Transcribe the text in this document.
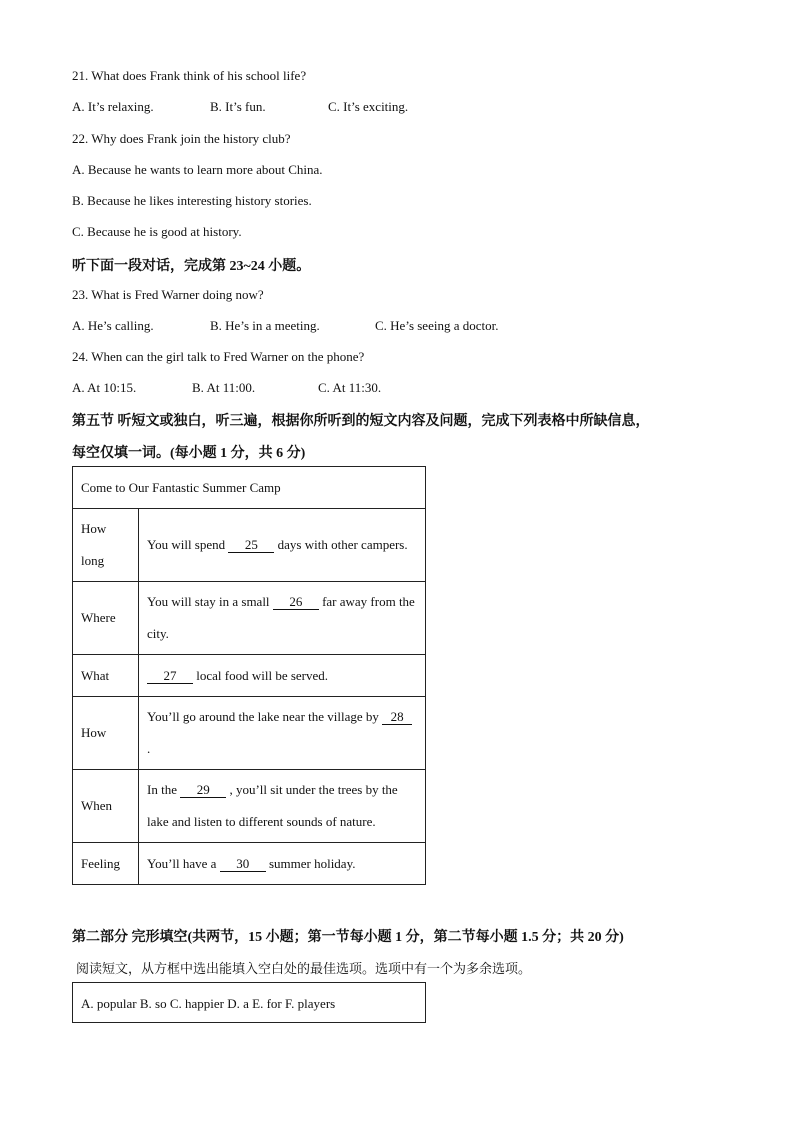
21. What does Frank think of his school life?
A. It’s relaxing.	B. It’s fun.	C. It’s exciting.
22. Why does Frank join the history club?
A. Because he wants to learn more about China.
B. Because he likes interesting history stories.
C. Because he is good at history.
听下面一段对话，完成第 23~24 小题。
23. What is Fred Warner doing now?
A. He’s calling.	B. He’s in a meeting.	C. He’s seeing a doctor.
24. When can the girl talk to Fred Warner on the phone?
A. At 10:15.	B. At 11:00.	C. At 11:30.
第五节 听短文或独白，听三遍，根据你所听到的短文内容及问题，完成下列表格中所缺信息，
每空仅填一词。(每小题 1 分，共 6 分)
Come to Our Fantastic Summer Camp	
How long	You will spend 25 days with other campers.
Where	You will stay in a small 26 far away from the city.
What	27 local food will be served.
How	You’ll go around the lake near the village by 28 .
When	In the 29 , you’ll sit under the trees by the lake and listen to different sounds of nature.
Feeling	You’ll have a 30 summer holiday.
第二部分 完形填空(共两节，15 小题；第一节每小题 1 分，第二节每小题 1.5 分；共 20 分)
阅读短文，从方框中选出能填入空白处的最佳选项。选项中有一个为多余选项。
A. popular B. so C. happier D. a E. for F. players
